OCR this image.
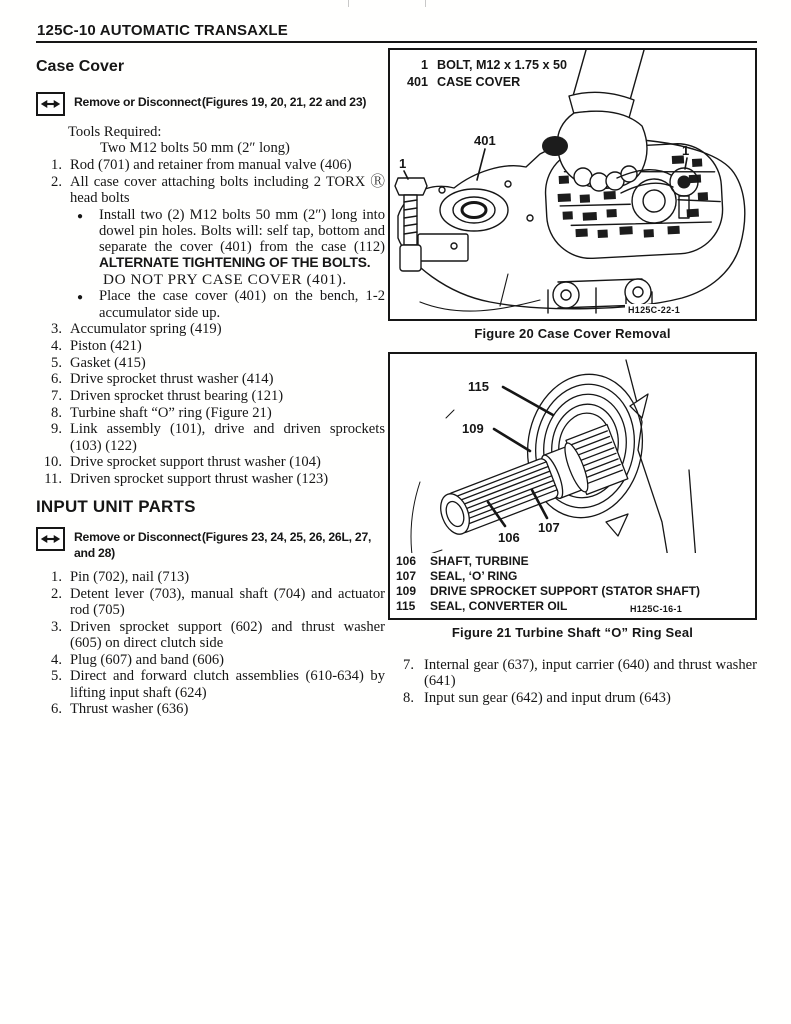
125C-10 AUTOMATIC TRANSAXLE
Case Cover
Remove or Disconnect (Figures 19, 20, 21, 22 and 23)
Tools Required:
Two M12 bolts 50 mm (2″ long)
1. Rod (701) and retainer from manual valve (406)
2. All case cover attaching bolts including 2 TORX Ⓡ head bolts
●	Install two (2) M12 bolts 50 mm (2″) long into dowel pin holes. Bolts will: self tap, bottom and separate the cover (401) from the case (112) ALTERNATE TIGHTENING OF THE BOLTS.
DO NOT PRY CASE COVER (401).
●	Place the case cover (401) on the bench, 1-2 accumulator side up.
3. Accumulator spring (419)
4. Piston (421)
5. Gasket (415)
6. Drive sprocket thrust washer (414)
7. Driven sprocket thrust bearing (121)
8. Turbine shaft “O” ring (Figure 21)
9. Link assembly (101), drive and driven sprockets (103) (122)
10. Drive sprocket support thrust washer (104)
11. Driven sprocket support thrust washer (123)
INPUT UNIT PARTS
Remove or Disconnect (Figures 23, 24, 25, 26, 26L, 27, and 28)
1. Pin (702), nail (713)
2. Detent lever (703), manual shaft (704) and actuator rod (705)
3. Driven sprocket support (602) and thrust washer (605) on direct clutch side
4. Plug (607) and band (606)
5. Direct and forward clutch assemblies (610-634) by lifting input shaft (624)
6. Thrust washer (636)
401
1
1
1 BOLT, M12 x 1.75 x 50
401 CASE COVER
H125C-22-1
Figure 20 Case Cover Removal
115
109
106
107
106	SHAFT, TURBINE
107	SEAL, ‘O’ RING
109	DRIVE SPROCKET SUPPORT (STATOR SHAFT)
115	SEAL, CONVERTER OIL	H125C-16-1
Figure 21 Turbine Shaft “O” Ring Seal
7. Internal gear (637), input carrier (640) and thrust washer (641)
8. Input sun gear (642) and input drum (643)
